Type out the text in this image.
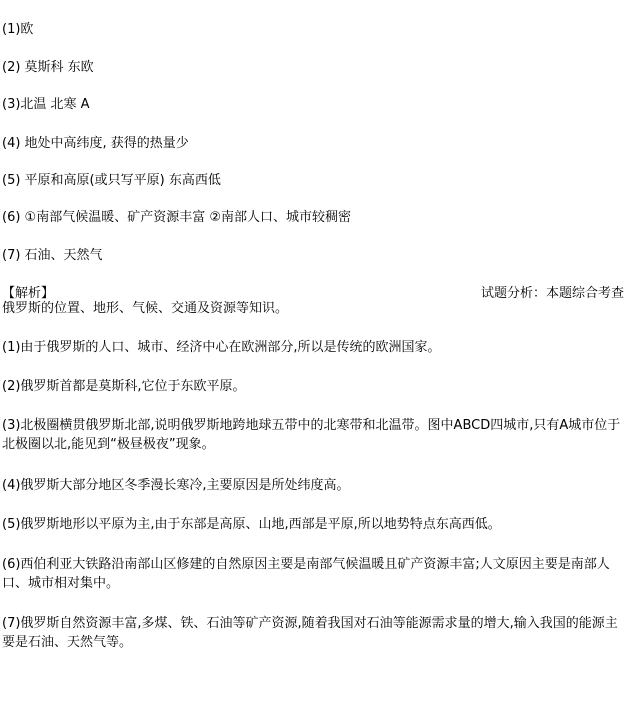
(1)欧
(2) 莫斯科 东欧
(3)北温 北寒 A
(4) 地处中高纬度, 获得的热量少
(5) 平原和高原(或只写平原) 东高西低
(6) ①南部气候温暖、矿产资源丰富 ②南部人口、城市较稠密
(7) 石油、天然气
【解析】	试题分析：本题综合考查
俄罗斯的位置、地形、气候、交通及资源等知识。
(1)由于俄罗斯的人口、城市、经济中心在欧洲部分,所以是传统的欧洲国家。
(2)俄罗斯首都是莫斯科,它位于东欧平原。
(3)北极圈横贯俄罗斯北部,说明俄罗斯地跨地球五带中的北寒带和北温带。图中ABCD四城市,只有A城市位于北极圈以北,能见到“极昼极夜”现象。
(4)俄罗斯大部分地区冬季漫长寒冷,主要原因是所处纬度高。
(5)俄罗斯地形以平原为主,由于东部是高原、山地,西部是平原,所以地势特点东高西低。
(6)西伯利亚大铁路沿南部山区修建的自然原因主要是南部气候温暖且矿产资源丰富;人文原因主要是南部人口、城市相对集中。
(7)俄罗斯自然资源丰富,多煤、铁、石油等矿产资源,随着我国对石油等能源需求量的增大,输入我国的能源主要是石油、天然气等。
